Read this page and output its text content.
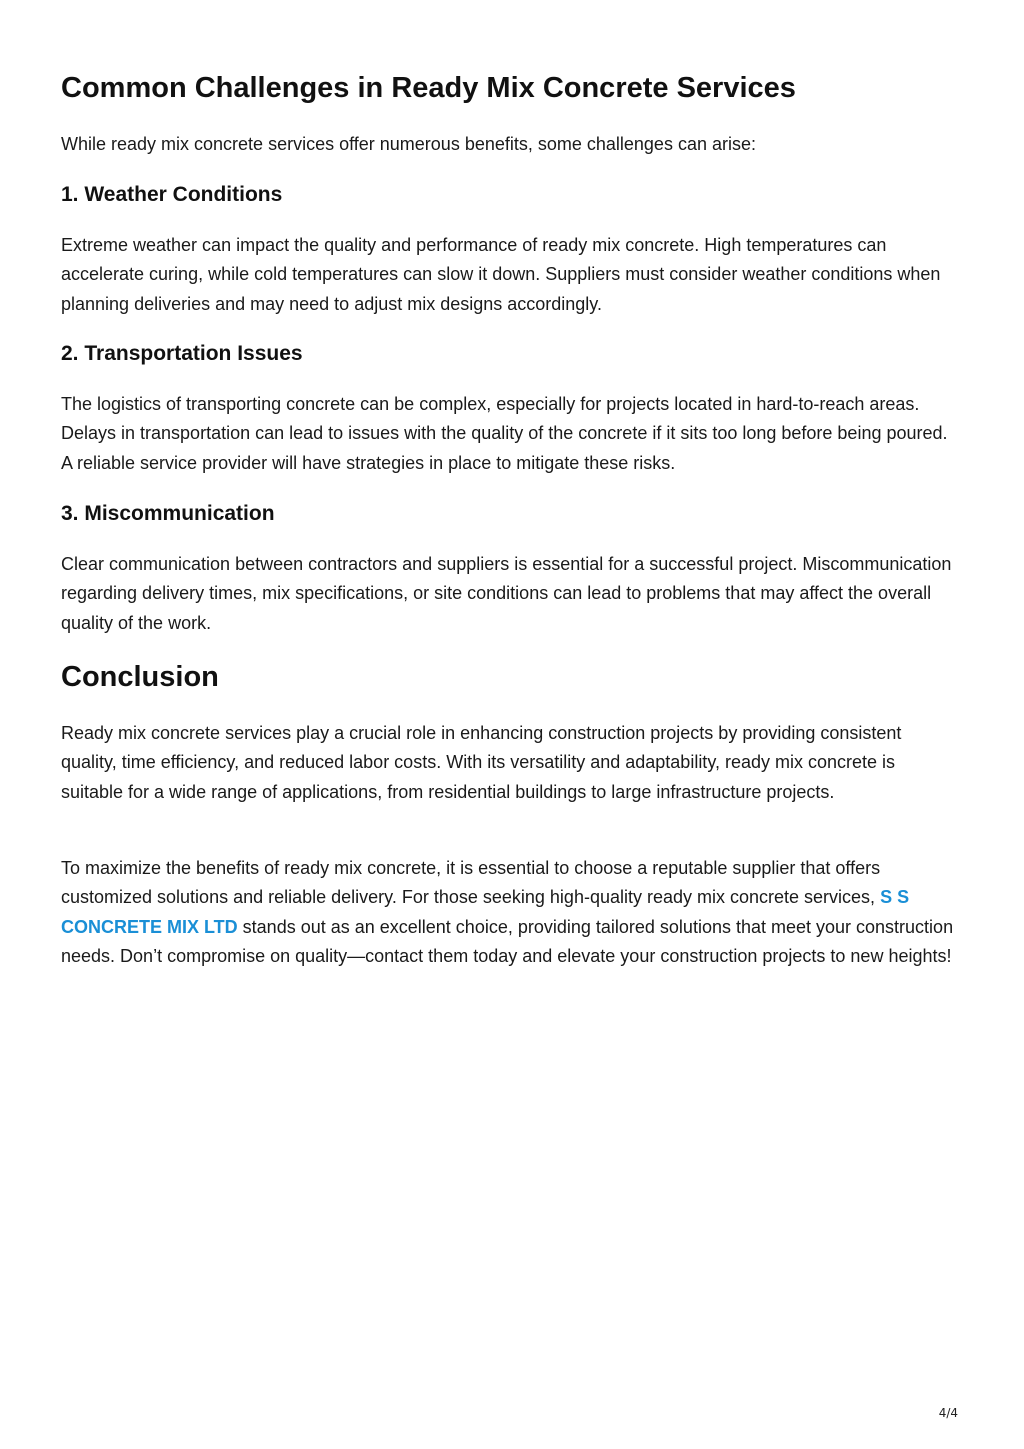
Common Challenges in Ready Mix Concrete Services

While ready mix concrete services offer numerous benefits, some challenges can arise:

1. Weather Conditions

Extreme weather can impact the quality and performance of ready mix concrete. High temperatures can accelerate curing, while cold temperatures can slow it down. Suppliers must consider weather conditions when planning deliveries and may need to adjust mix designs accordingly.

2. Transportation Issues

The logistics of transporting concrete can be complex, especially for projects located in hard-to-reach areas. Delays in transportation can lead to issues with the quality of the concrete if it sits too long before being poured. A reliable service provider will have strategies in place to mitigate these risks.

3. Miscommunication

Clear communication between contractors and suppliers is essential for a successful project. Miscommunication regarding delivery times, mix specifications, or site conditions can lead to problems that may affect the overall quality of the work.

Conclusion

Ready mix concrete services play a crucial role in enhancing construction projects by providing consistent quality, time efficiency, and reduced labor costs. With its versatility and adaptability, ready mix concrete is suitable for a wide range of applications, from residential buildings to large infrastructure projects.

To maximize the benefits of ready mix concrete, it is essential to choose a reputable supplier that offers customized solutions and reliable delivery. For those seeking high-quality ready mix concrete services, S S CONCRETE MIX LTD stands out as an excellent choice, providing tailored solutions that meet your construction needs. Don’t compromise on quality—contact them today and elevate your construction projects to new heights!

4/4
